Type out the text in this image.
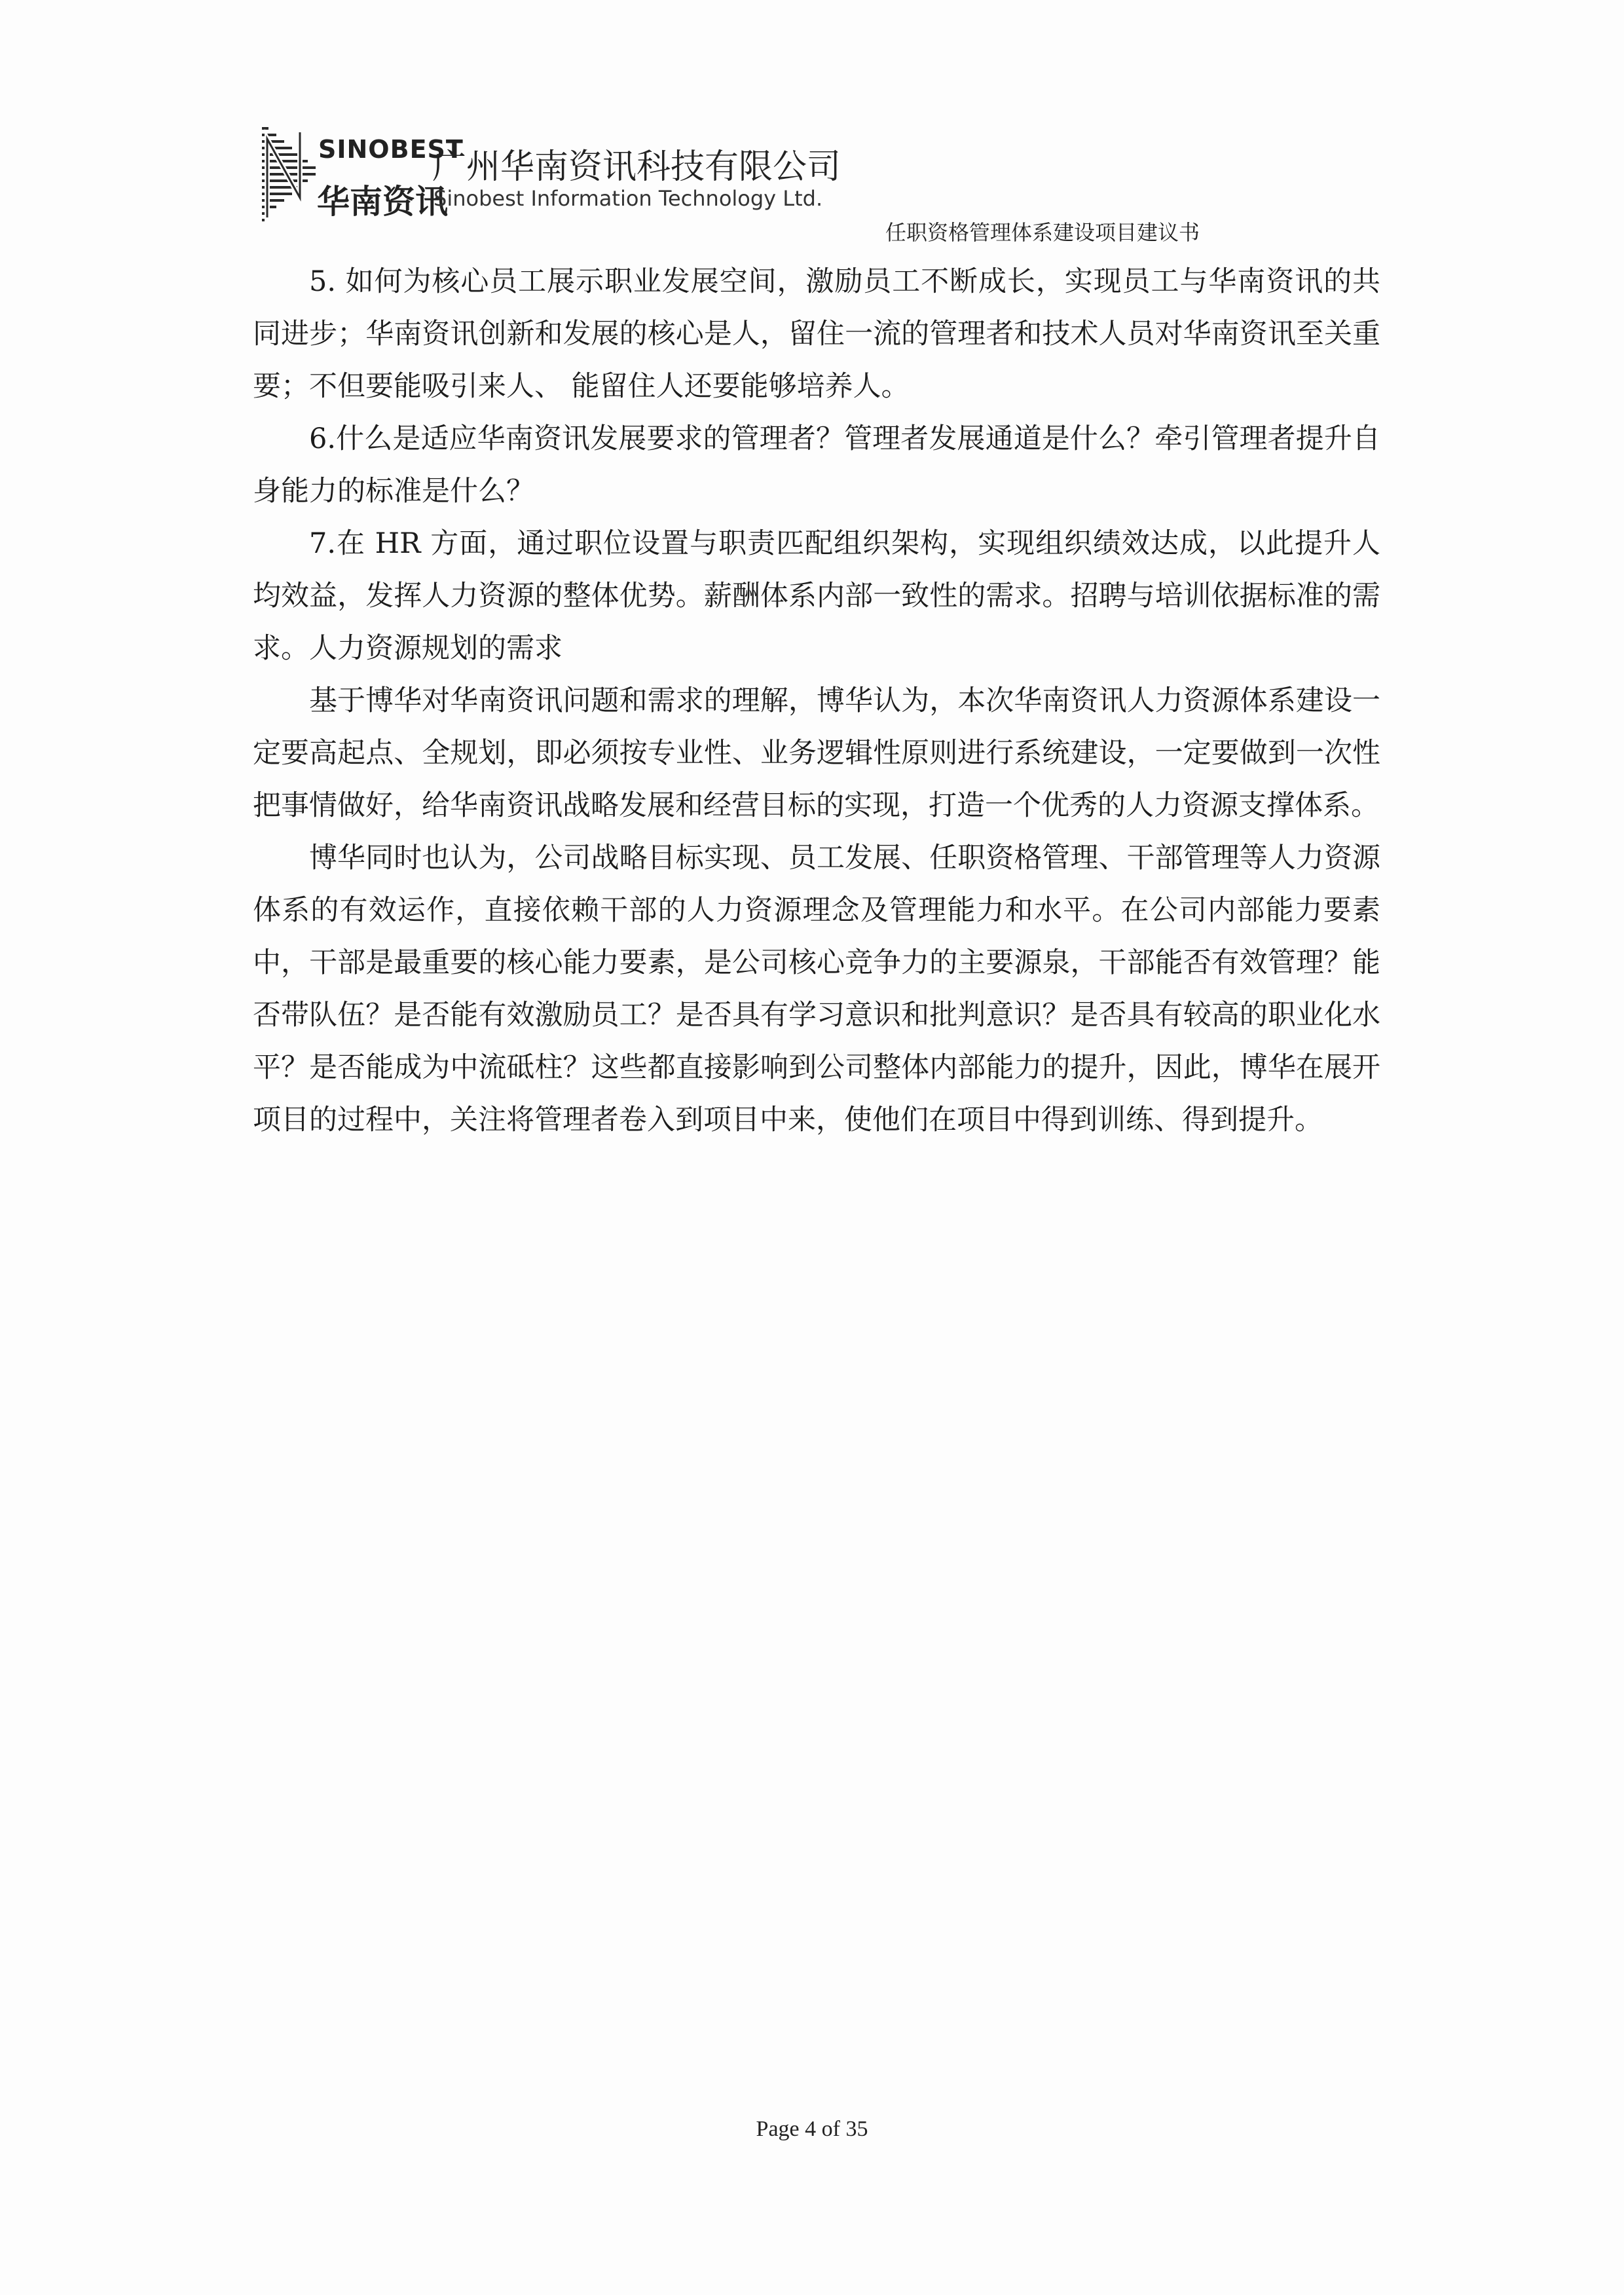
SINOBEST
华南资讯
广州华南资讯科技有限公司
Sinobest Information Technology Ltd.
任职资格管理体系建设项目建议书

5. 如何为核心员工展示职业发展空间，激励员工不断成长，实现员工与华南资讯的共同进步；华南资讯创新和发展的核心是人，留住一流的管理者和技术人员对华南资讯至关重要；不但要能吸引来人、 能留住人还要能够培养人。

6.什么是适应华南资讯发展要求的管理者？管理者发展通道是什么？牵引管理者提升自身能力的标准是什么？

7.在 HR 方面，通过职位设置与职责匹配组织架构，实现组织绩效达成，以此提升人均效益，发挥人力资源的整体优势。薪酬体系内部一致性的需求。招聘与培训依据标准的需求。人力资源规划的需求

基于博华对华南资讯问题和需求的理解，博华认为，本次华南资讯人力资源体系建设一定要高起点、全规划，即必须按专业性、业务逻辑性原则进行系统建设，一定要做到一次性把事情做好，给华南资讯战略发展和经营目标的实现，打造一个优秀的人力资源支撑体系。

博华同时也认为，公司战略目标实现、员工发展、任职资格管理、干部管理等人力资源体系的有效运作，直接依赖干部的人力资源理念及管理能力和水平。在公司内部能力要素中，干部是最重要的核心能力要素，是公司核心竞争力的主要源泉，干部能否有效管理？能否带队伍？是否能有效激励员工？是否具有学习意识和批判意识？是否具有较高的职业化水平？是否能成为中流砥柱？这些都直接影响到公司整体内部能力的提升，因此，博华在展开项目的过程中，关注将管理者卷入到项目中来，使他们在项目中得到训练、得到提升。

Page 4 of 35
